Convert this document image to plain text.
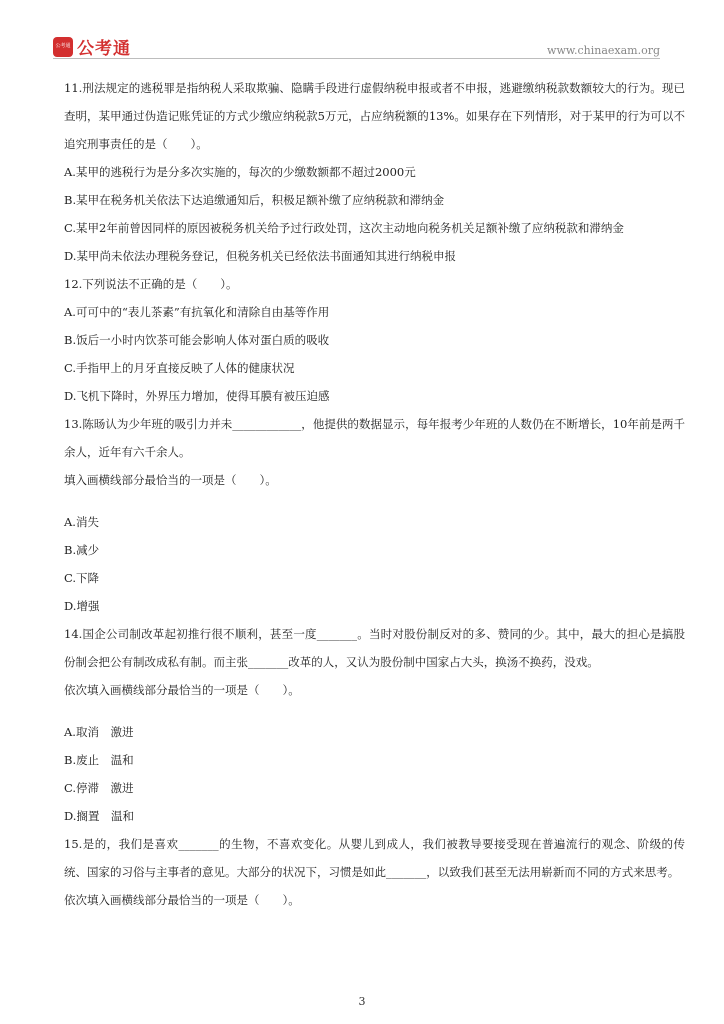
公考通 公考通	www.chinaexam.org

11.刑法规定的逃税罪是指纳税人采取欺骗、隐瞒手段进行虚假纳税申报或者不申报，逃避缴纳税款数额较大的行为。现已查明，某甲通过伪造记账凭证的方式少缴应纳税款5万元，占应纳税额的13%。如果存在下列情形，对于某甲的行为可以不追究刑事责任的是（　　）。

A.某甲的逃税行为是分多次实施的，每次的少缴数额都不超过2000元

B.某甲在税务机关依法下达追缴通知后，积极足额补缴了应纳税款和滞纳金

C.某甲2年前曾因同样的原因被税务机关给予过行政处罚，这次主动地向税务机关足额补缴了应纳税款和滞纳金

D.某甲尚未依法办理税务登记，但税务机关已经依法书面通知其进行纳税申报

12.下列说法不正确的是（　　）。

A.可可中的“表儿茶素”有抗氧化和清除自由基等作用

B.饭后一小时内饮茶可能会影响人体对蛋白质的吸收

C.手指甲上的月牙直接反映了人体的健康状况

D.飞机下降时，外界压力增加，使得耳膜有被压迫感

13.陈旸认为少年班的吸引力并未____________，他提供的数据显示，每年报考少年班的人数仍在不断增长，10年前是两千余人，近年有六千余人。

填入画横线部分最恰当的一项是（　　）。

A.消失

B.减少

C.下降

D.增强

14.国企公司制改革起初推行很不顺利，甚至一度_______。当时对股份制反对的多、赞同的少。其中，最大的担心是搞股份制会把公有制改成私有制。而主张_______改革的人，又认为股份制中国家占大头，换汤不换药，没戏。

依次填入画横线部分最恰当的一项是（　　）。

A.取消　激进

B.废止　温和

C.停滞　激进

D.搁置　温和

15.是的，我们是喜欢_______的生物，不喜欢变化。从婴儿到成人，我们被教导要接受现在普遍流行的观念、阶级的传统、国家的习俗与主事者的意见。大部分的状况下，习惯是如此_______，以致我们甚至无法用崭新而不同的方式来思考。

依次填入画横线部分最恰当的一项是（　　）。

3
